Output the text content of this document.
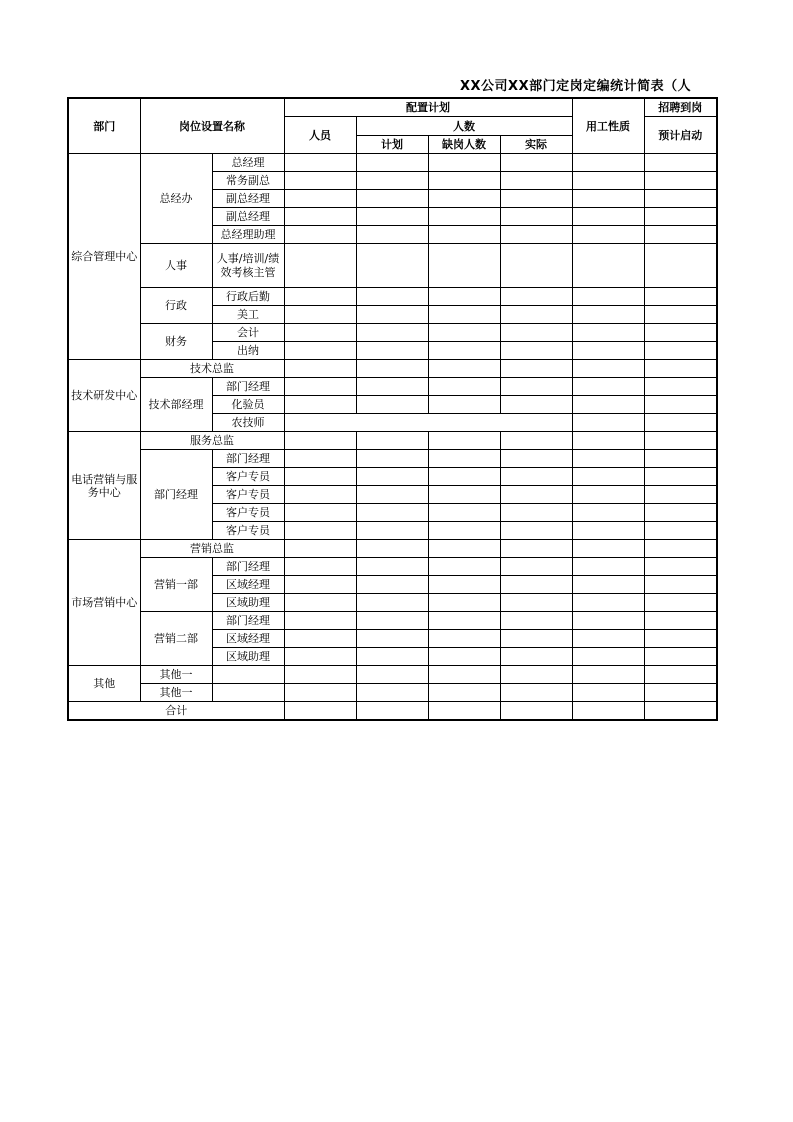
XX公司XX部门定岗定编统计简表（人
部门	岗位设置名称		配置计划				用工性质	招聘到岗
			人员	人数				预计启动
				计划	缺岗人数	实际		
综合管理中心	总经办	总经理						
		常务副总						
		副总经理						
		副总经理						
		总经理助理						
	人事	人事/培训/绩效考核主管						
	行政	行政后勤						
		美工						
	财务	会计						
		出纳						
技术研发中心	技术总监							
	技术部经理	部门经理						
		化验员						
		农技师						
电话营销与服务中心	服务总监							
	部门经理	部门经理						
		客户专员						
		客户专员						
		客户专员						
		客户专员						
市场营销中心	营销总监							
	营销一部	部门经理						
		区域经理						
		区域助理						
	营销二部	部门经理						
		区域经理						
		区域助理						
其他	其他一							
	其他一							
合计								
